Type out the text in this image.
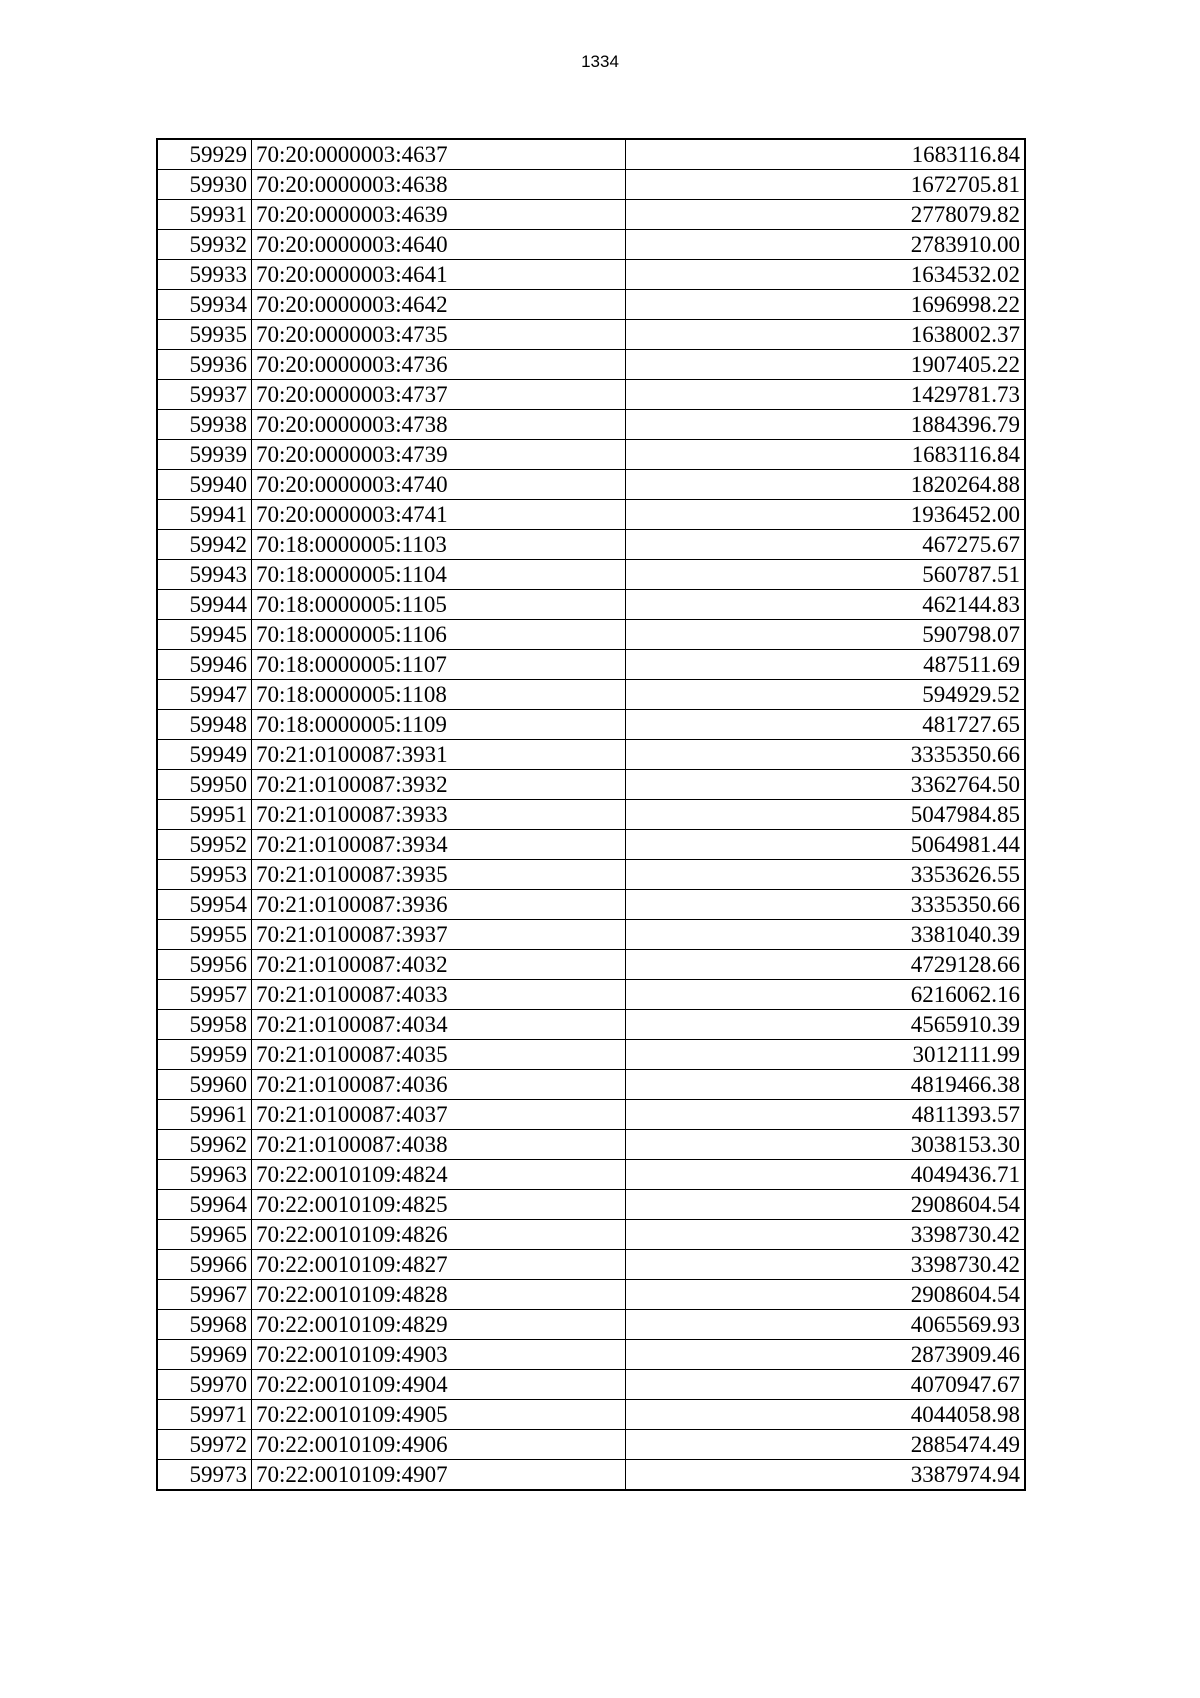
1334
59929	70:20:0000003:4637	1683116.84
59930	70:20:0000003:4638	1672705.81
59931	70:20:0000003:4639	2778079.82
59932	70:20:0000003:4640	2783910.00
59933	70:20:0000003:4641	1634532.02
59934	70:20:0000003:4642	1696998.22
59935	70:20:0000003:4735	1638002.37
59936	70:20:0000003:4736	1907405.22
59937	70:20:0000003:4737	1429781.73
59938	70:20:0000003:4738	1884396.79
59939	70:20:0000003:4739	1683116.84
59940	70:20:0000003:4740	1820264.88
59941	70:20:0000003:4741	1936452.00
59942	70:18:0000005:1103	467275.67
59943	70:18:0000005:1104	560787.51
59944	70:18:0000005:1105	462144.83
59945	70:18:0000005:1106	590798.07
59946	70:18:0000005:1107	487511.69
59947	70:18:0000005:1108	594929.52
59948	70:18:0000005:1109	481727.65
59949	70:21:0100087:3931	3335350.66
59950	70:21:0100087:3932	3362764.50
59951	70:21:0100087:3933	5047984.85
59952	70:21:0100087:3934	5064981.44
59953	70:21:0100087:3935	3353626.55
59954	70:21:0100087:3936	3335350.66
59955	70:21:0100087:3937	3381040.39
59956	70:21:0100087:4032	4729128.66
59957	70:21:0100087:4033	6216062.16
59958	70:21:0100087:4034	4565910.39
59959	70:21:0100087:4035	3012111.99
59960	70:21:0100087:4036	4819466.38
59961	70:21:0100087:4037	4811393.57
59962	70:21:0100087:4038	3038153.30
59963	70:22:0010109:4824	4049436.71
59964	70:22:0010109:4825	2908604.54
59965	70:22:0010109:4826	3398730.42
59966	70:22:0010109:4827	3398730.42
59967	70:22:0010109:4828	2908604.54
59968	70:22:0010109:4829	4065569.93
59969	70:22:0010109:4903	2873909.46
59970	70:22:0010109:4904	4070947.67
59971	70:22:0010109:4905	4044058.98
59972	70:22:0010109:4906	2885474.49
59973	70:22:0010109:4907	3387974.94
